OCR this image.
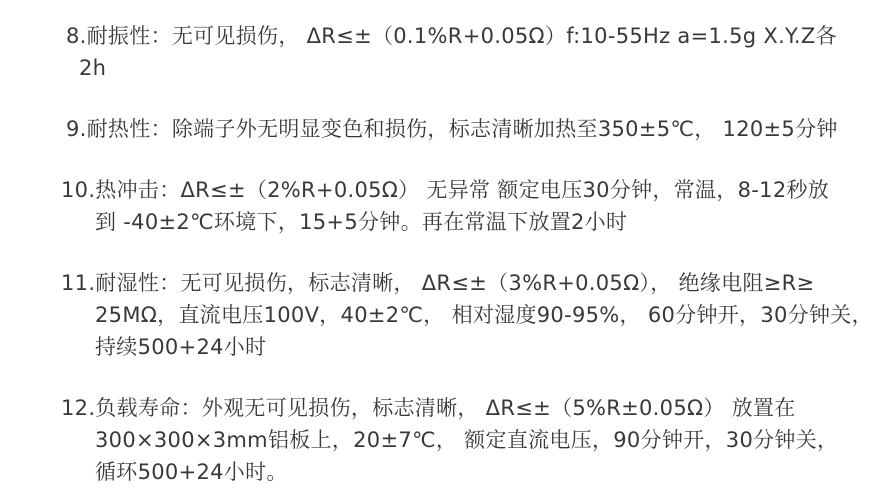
8.耐振性：无可见损伤， ΔR≤±（0.1%R+0.05Ω）f:10-55Hz a=1.5g X.Y.Z各
2h
9.耐热性：除端子外无明显变色和损伤，标志清晰加热至350±5℃， 120±5分钟
10.热冲击：ΔR≤±（2%R+0.05Ω） 无异常 额定电压30分钟，常温，8-12秒放
到 -40±2℃环境下，15+5分钟。再在常温下放置2小时
11.耐湿性：无可见损伤，标志清晰， ΔR≤±（3%R+0.05Ω）， 绝缘电阻≥R≥
25MΩ，直流电压100V，40±2℃， 相对湿度90-95%， 60分钟开，30分钟关，
持续500+24小时
12.负载寿命：外观无可见损伤，标志清晰， ΔR≤±（5%R±0.05Ω） 放置在
300×300×3mm铝板上，20±7℃， 额定直流电压，90分钟开，30分钟关，
循环500+24小时。
